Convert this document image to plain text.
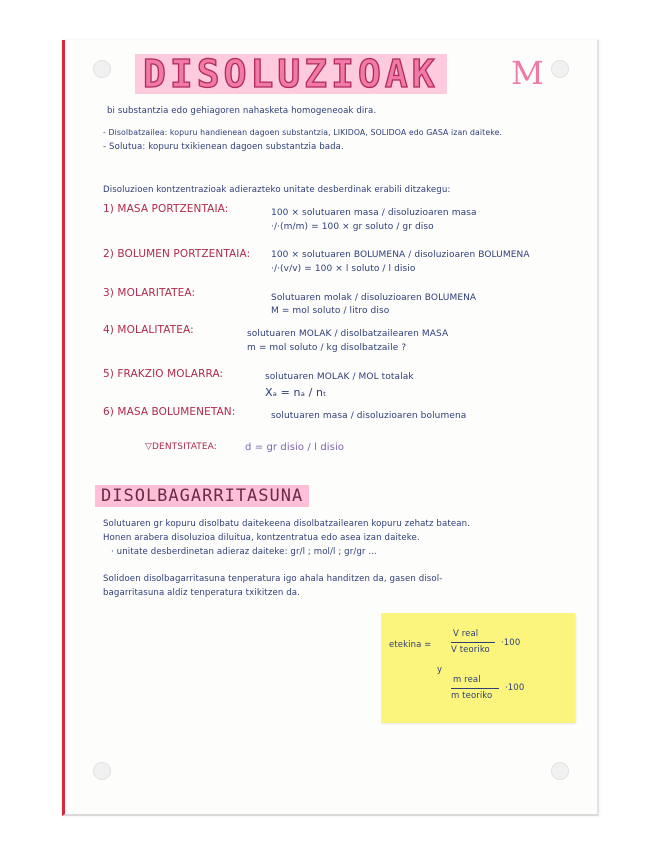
DISOLUZIOAK M
bi substantzia edo gehiagoren nahasketa homogeneoak dira.
- Disolbatzailea: kopuru handienean dagoen substantzia, LIKIDOA, SOLIDOA edo GASA izan daiteke.
- Solutua: kopuru txikienean dagoen substantzia bada.
Disoluzioen kontzentrazioak adierazteko unitate desberdinak erabili ditzakegu:
1) MASA PORTZENTAIA:	100 × solutuaren masa / disoluzioaren masa
·/·(m/m) = 100 × gr soluto / gr diso
2) BOLUMEN PORTZENTAIA: 100 × solutuaren BOLUMENA / disoluzioaren BOLUMENA
·/·(v/v) = 100 × l soluto / l disio
3) MOLARITATEA:	Solutuaren molak / disoluzioaren BOLUMENA
M = mol soluto / litro diso
4) MOLALITATEA:	solutuaren MOLAK / disolbatzailearen MASA
m = mol soluto / kg disolbatzaile ?
5) FRAKZIO MOLARRA:	solutuaren MOLAK / MOL totalak
Xₐ = nₐ / nₜ
6) MASA BOLUMENETAN:	solutuaren masa / disoluzioaren bolumena
▽DENTSITATEA:	d = gr disio / l disio
DISOLBAGARRITASUNA
Solutuaren gr kopuru disolbatu daitekeena disolbatzailearen kopuru zehatz batean.
Honen arabera disoluzioa diluitua, kontzentratua edo asea izan daiteke.
· unitate desberdinetan adieraz daiteke: gr/l ; mol/l ; gr/gr ...
Solidoen disolbagarritasuna tenperatura igo ahala handitzen da, gasen disol-
bagarritasuna aldiz tenperatura txikitzen da.
etekina =
V real
V teoriko
·100
y
m real
m teoriko
·100
